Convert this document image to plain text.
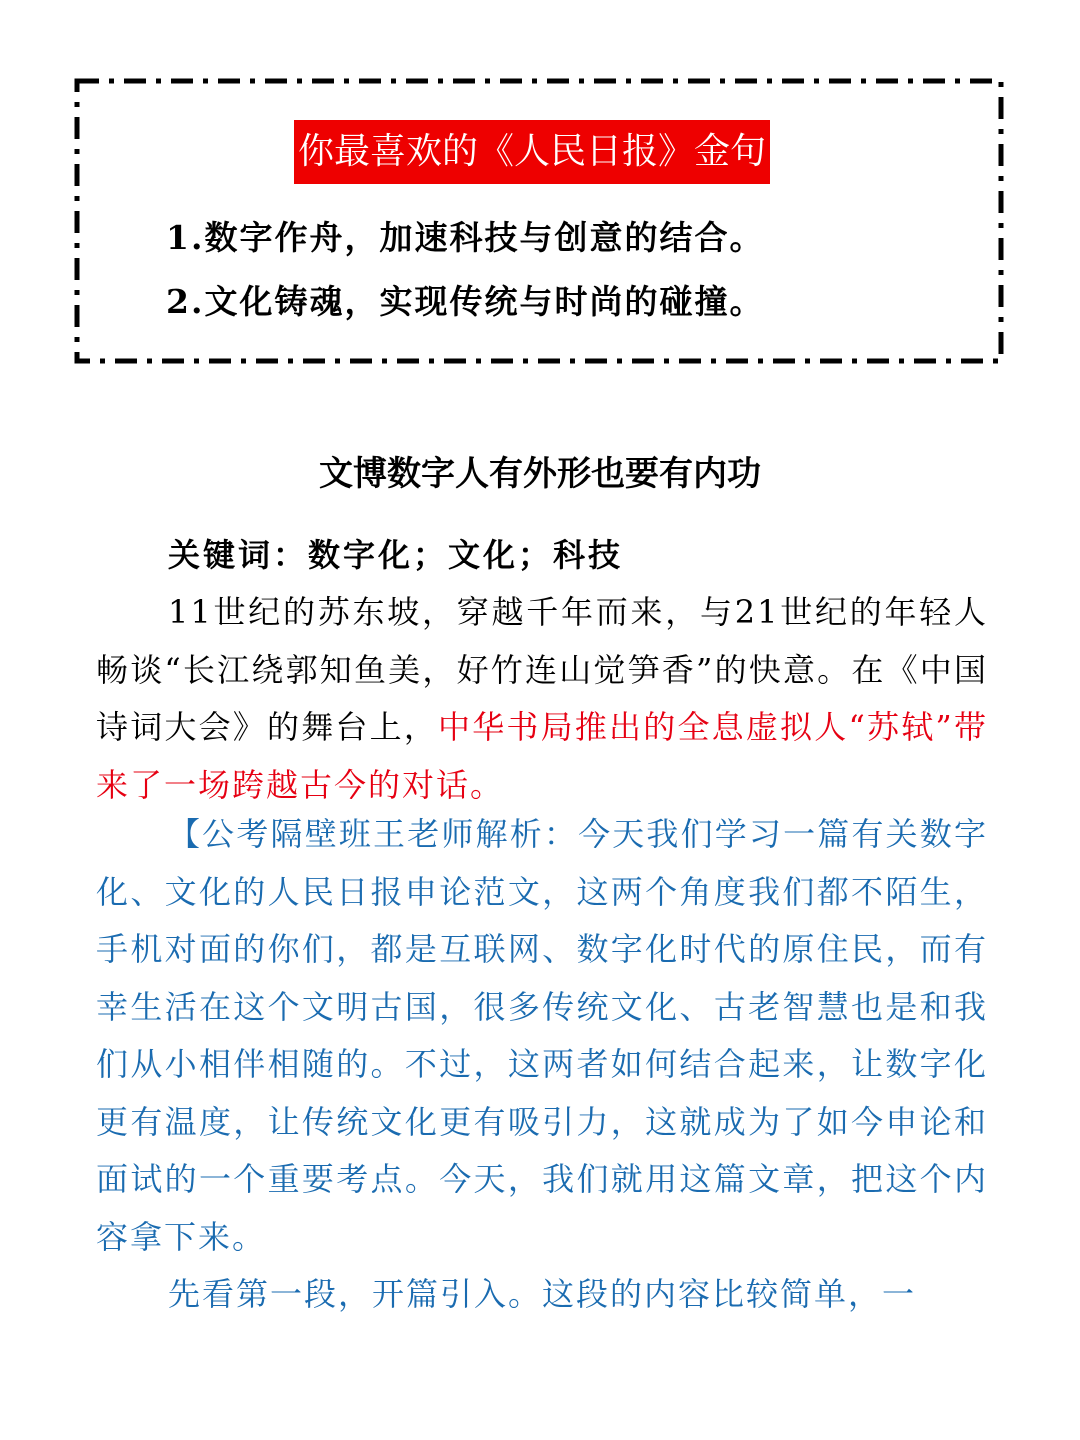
你最喜欢的《人民日报》金句
1.数字作舟，加速科技与创意的结合。
2.文化铸魂，实现传统与时尚的碰撞。
文博数字人有外形也要有内功
关键词：数字化；文化；科技
11世纪的苏东坡，穿越千年而来，与21世纪的年轻人畅谈“长江绕郭知鱼美，好竹连山觉笋香”的快意。在《中国诗词大会》的舞台上，中华书局推出的全息虚拟人“苏轼”带来了一场跨越古今的对话。
【公考隔壁班王老师解析：今天我们学习一篇有关数字化、文化的人民日报申论范文，这两个角度我们都不陌生，手机对面的你们，都是互联网、数字化时代的原住民，而有幸生活在这个文明古国，很多传统文化、古老智慧也是和我们从小相伴相随的。不过，这两者如何结合起来，让数字化更有温度，让传统文化更有吸引力，这就成为了如今申论和面试的一个重要考点。今天，我们就用这篇文章，把这个内容拿下来。
先看第一段，开篇引入。这段的内容比较简单，一
